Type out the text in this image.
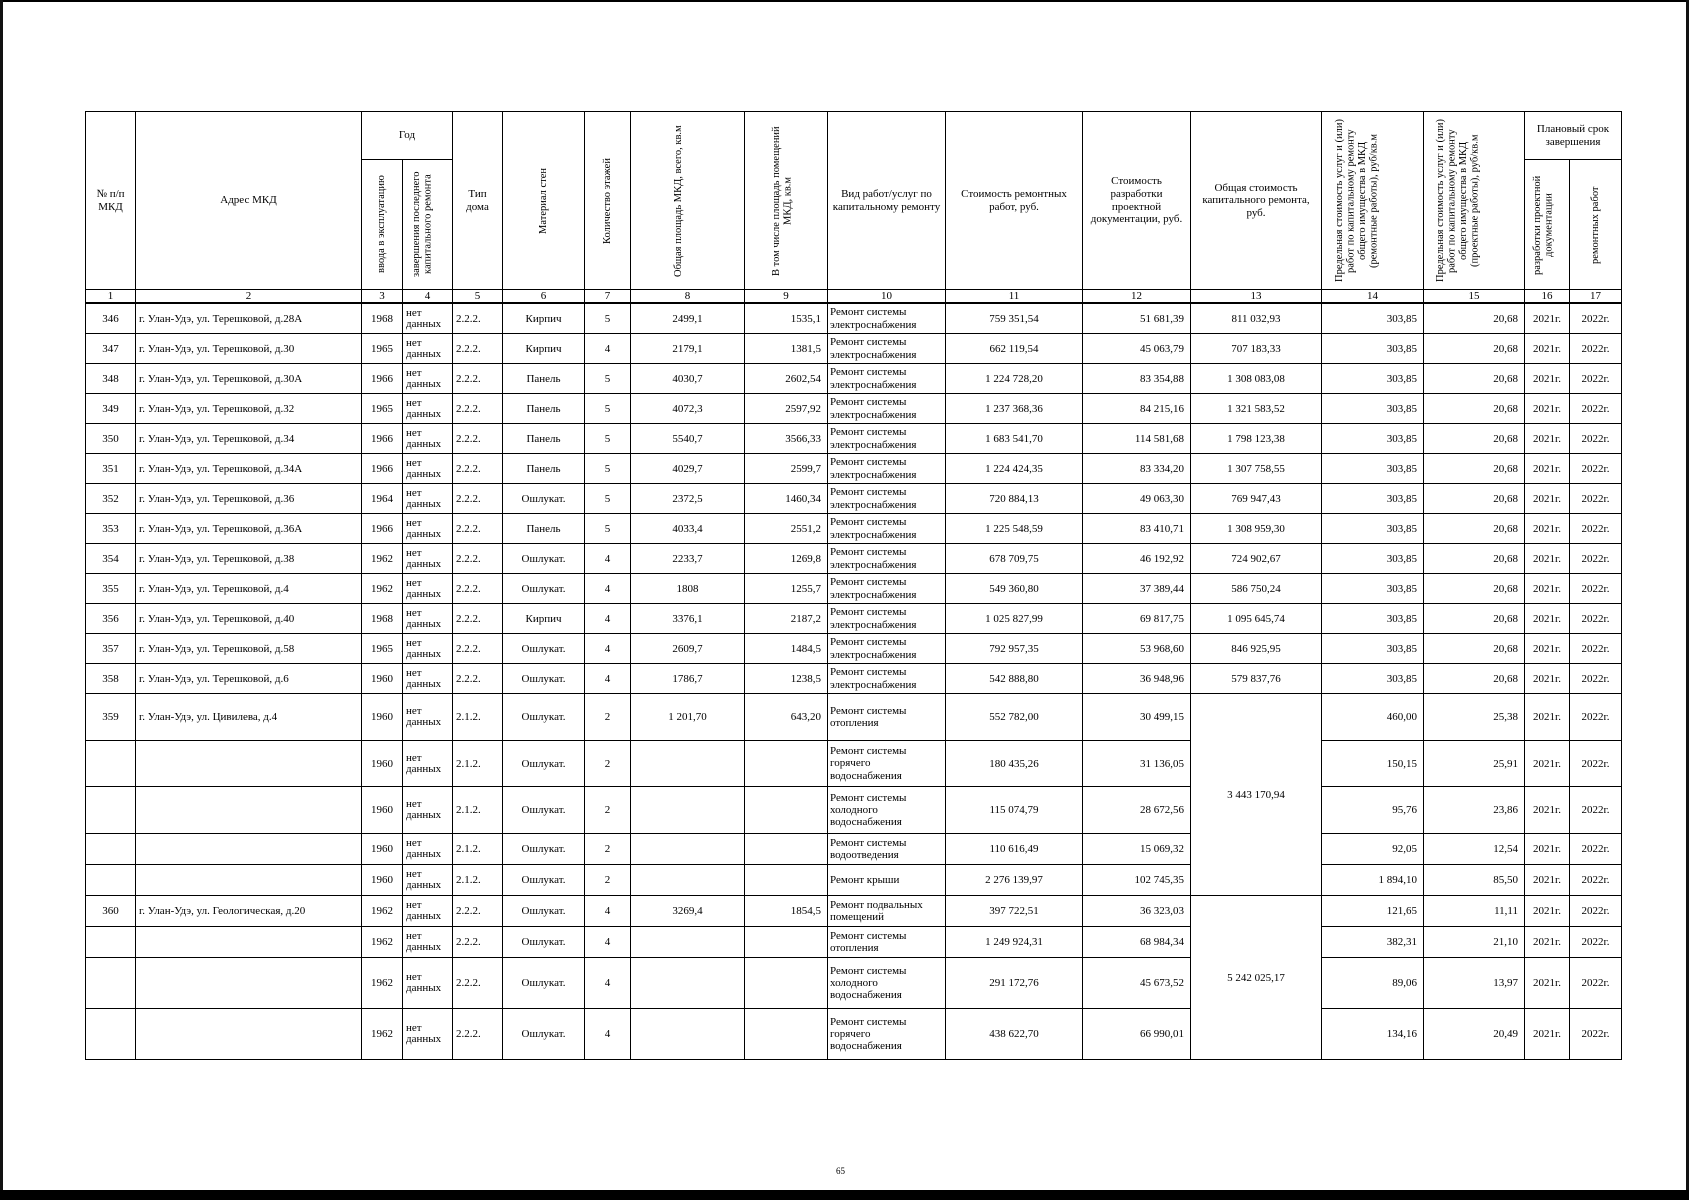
№ п/п МКД	Адрес МКД	Год		Тип дома	Материал стен	Количество этажей	Общая площадь МКД, всего, кв.м	В том числе площадь помещений МКД, кв.м	Вид работ/услуг по капитальному ремонту	Стоимость ремонтных работ, руб.	Стоимость разработки проектной документации, руб.	Общая стоимость капитального ремонта, руб.	Предельная стоимость услуг и (или) работ по капитальному ремонту общего имущества в МКД (ремонтные работы), руб/кв.м	Предельная стоимость услуг и (или) работ по капитальному ремонту общего имущества в МКД (проектные работы), руб/кв.м	Плановый срок завершения	

		ввода в эксплуатацию	завершения последнего капитального ремонта												разработки проектной документации	ремонтных работ

1	2	3	4	5	6	7	8	9	10	11	12	13	14	15	16	17
346	г. Улан-Удэ, ул. Терешковой, д.28А	1968	нет данных	2.2.2.	Кирпич	5	2499,1	1535,1	Ремонт системы электроснабжения	759 351,54	51 681,39	811 032,93	303,85	20,68	2021г.	2022г.
347	г. Улан-Удэ, ул. Терешковой, д.30	1965	нет данных	2.2.2.	Кирпич	4	2179,1	1381,5	Ремонт системы электроснабжения	662 119,54	45 063,79	707 183,33	303,85	20,68	2021г.	2022г.
348	г. Улан-Удэ, ул. Терешковой, д.30А	1966	нет данных	2.2.2.	Панель	5	4030,7	2602,54	Ремонт системы электроснабжения	1 224 728,20	83 354,88	1 308 083,08	303,85	20,68	2021г.	2022г.
349	г. Улан-Удэ, ул. Терешковой, д.32	1965	нет данных	2.2.2.	Панель	5	4072,3	2597,92	Ремонт системы электроснабжения	1 237 368,36	84 215,16	1 321 583,52	303,85	20,68	2021г.	2022г.
350	г. Улан-Удэ, ул. Терешковой, д.34	1966	нет данных	2.2.2.	Панель	5	5540,7	3566,33	Ремонт системы электроснабжения	1 683 541,70	114 581,68	1 798 123,38	303,85	20,68	2021г.	2022г.
351	г. Улан-Удэ, ул. Терешковой, д.34А	1966	нет данных	2.2.2.	Панель	5	4029,7	2599,7	Ремонт системы электроснабжения	1 224 424,35	83 334,20	1 307 758,55	303,85	20,68	2021г.	2022г.
352	г. Улан-Удэ, ул. Терешковой, д.36	1964	нет данных	2.2.2.	Ошлукат.	5	2372,5	1460,34	Ремонт системы электроснабжения	720 884,13	49 063,30	769 947,43	303,85	20,68	2021г.	2022г.
353	г. Улан-Удэ, ул. Терешковой, д.36А	1966	нет данных	2.2.2.	Панель	5	4033,4	2551,2	Ремонт системы электроснабжения	1 225 548,59	83 410,71	1 308 959,30	303,85	20,68	2021г.	2022г.
354	г. Улан-Удэ, ул. Терешковой, д.38	1962	нет данных	2.2.2.	Ошлукат.	4	2233,7	1269,8	Ремонт системы электроснабжения	678 709,75	46 192,92	724 902,67	303,85	20,68	2021г.	2022г.
355	г. Улан-Удэ, ул. Терешковой, д.4	1962	нет данных	2.2.2.	Ошлукат.	4	1808	1255,7	Ремонт системы электроснабжения	549 360,80	37 389,44	586 750,24	303,85	20,68	2021г.	2022г.
356	г. Улан-Удэ, ул. Терешковой, д.40	1968	нет данных	2.2.2.	Кирпич	4	3376,1	2187,2	Ремонт системы электроснабжения	1 025 827,99	69 817,75	1 095 645,74	303,85	20,68	2021г.	2022г.
357	г. Улан-Удэ, ул. Терешковой, д.58	1965	нет данных	2.2.2.	Ошлукат.	4	2609,7	1484,5	Ремонт системы электроснабжения	792 957,35	53 968,60	846 925,95	303,85	20,68	2021г.	2022г.
358	г. Улан-Удэ, ул. Терешковой, д.6	1960	нет данных	2.2.2.	Ошлукат.	4	1786,7	1238,5	Ремонт системы электроснабжения	542 888,80	36 948,96	579 837,76	303,85	20,68	2021г.	2022г.
359	г. Улан-Удэ, ул. Цивилева, д.4	1960	нет данных	2.1.2.	Ошлукат.	2	1 201,70	643,20	Ремонт системы отопления	552 782,00	30 499,15	3 443 170,94	460,00	25,38	2021г.	2022г.
		1960	нет данных	2.1.2.	Ошлукат.	2			Ремонт системы горячего водоснабжения	180 435,26	31 136,05		150,15	25,91	2021г.	2022г.
		1960	нет данных	2.1.2.	Ошлукат.	2			Ремонт системы холодного водоснабжения	115 074,79	28 672,56		95,76	23,86	2021г.	2022г.
		1960	нет данных	2.1.2.	Ошлукат.	2			Ремонт системы водоотведения	110 616,49	15 069,32		92,05	12,54	2021г.	2022г.
		1960	нет данных	2.1.2.	Ошлукат.	2			Ремонт крыши	2 276 139,97	102 745,35		1 894,10	85,50	2021г.	2022г.
360	г. Улан-Удэ, ул. Геологическая, д.20	1962	нет данных	2.2.2.	Ошлукат.	4	3269,4	1854,5	Ремонт подвальных помещений	397 722,51	36 323,03	5 242 025,17	121,65	11,11	2021г.	2022г.
		1962	нет данных	2.2.2.	Ошлукат.	4			Ремонт системы отопления	1 249 924,31	68 984,34		382,31	21,10	2021г.	2022г.
		1962	нет данных	2.2.2.	Ошлукат.	4			Ремонт системы холодного водоснабжения	291 172,76	45 673,52		89,06	13,97	2021г.	2022г.
		1962	нет данных	2.2.2.	Ошлукат.	4			Ремонт системы горячего водоснабжения	438 622,70	66 990,01		134,16	20,49	2021г.	2022г.
65
